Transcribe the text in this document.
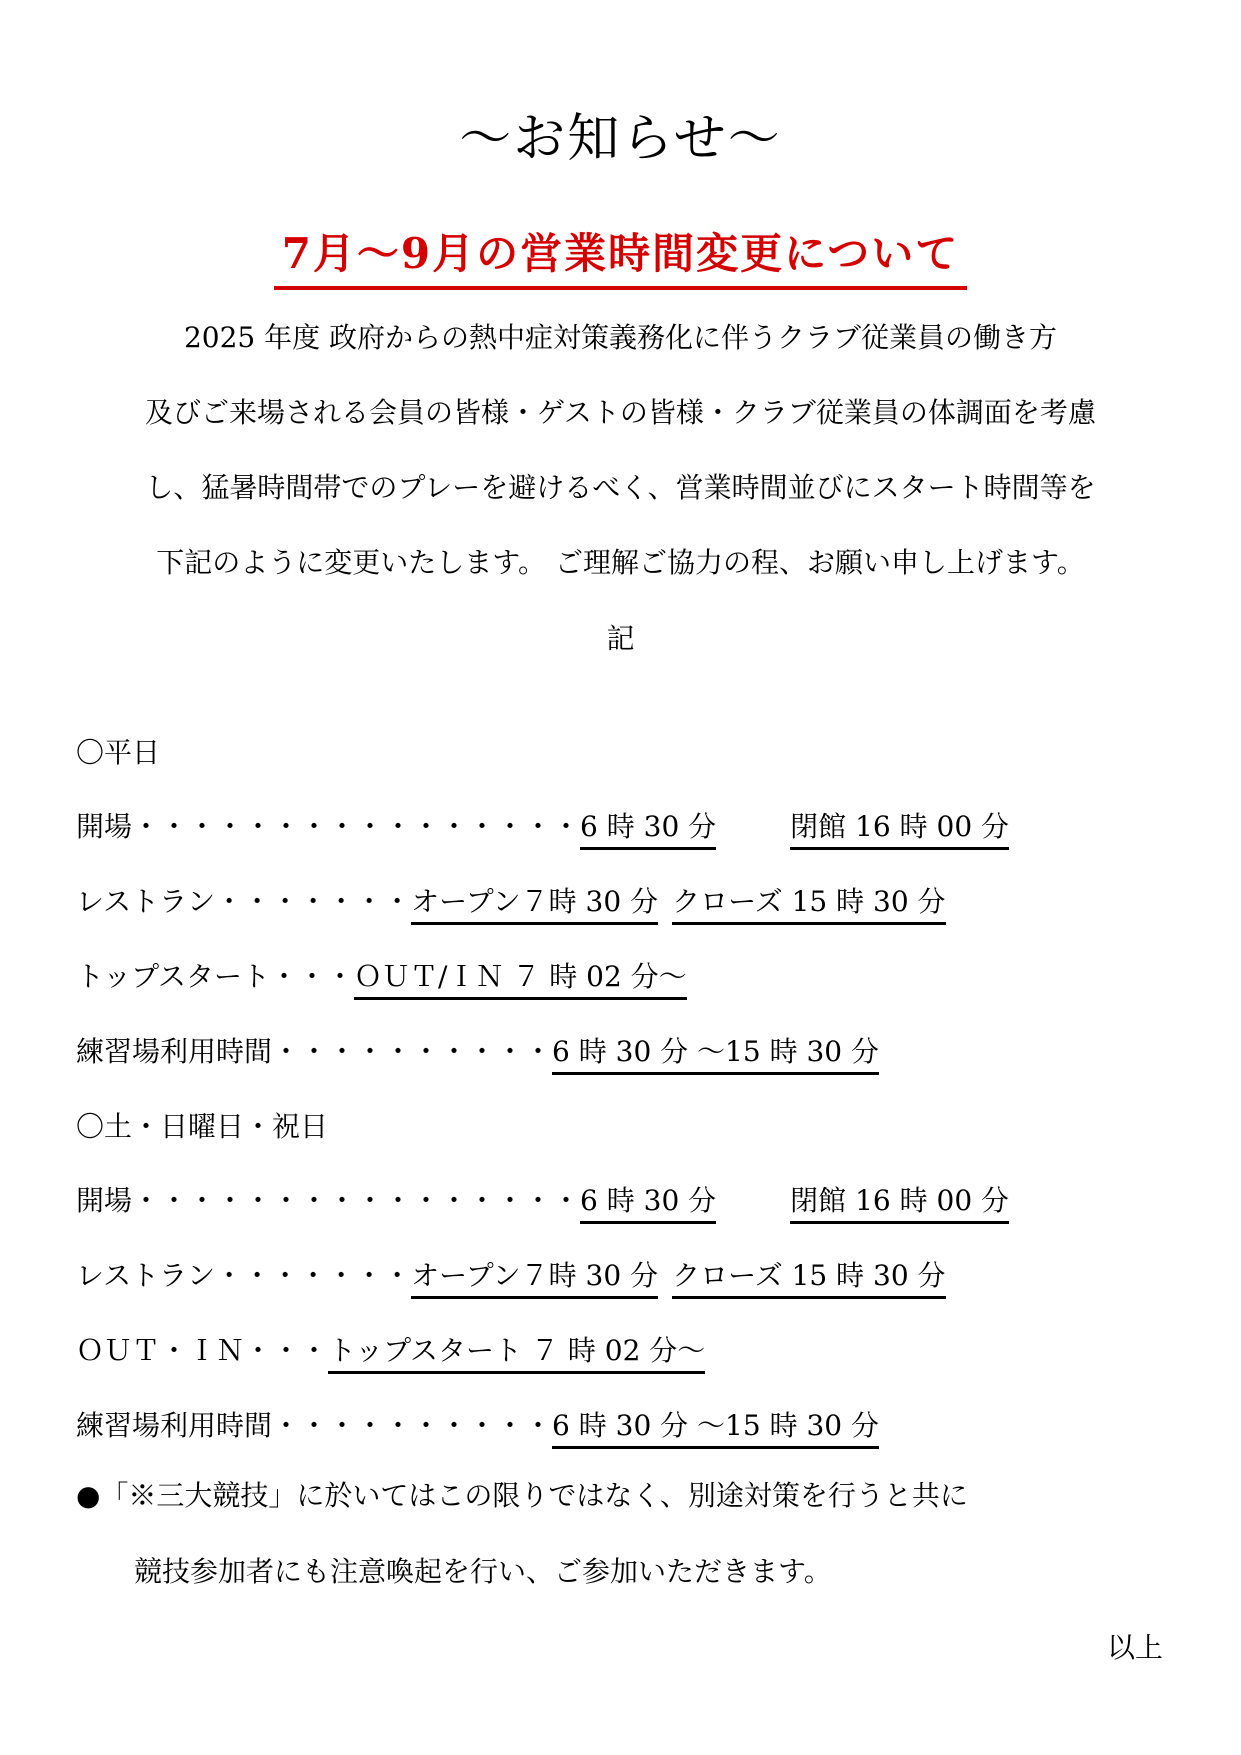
～お知らせ～
7月～9月の営業時間変更について
2025 年度 政府からの熱中症対策義務化に伴うクラブ従業員の働き方
及びご来場される会員の皆様・ゲストの皆様・クラブ従業員の体調面を考慮
し、猛暑時間帯でのプレーを避けるべく、営業時間並びにスタート時間等を
下記のように変更いたします。 ご理解ご協力の程、お願い申し上げます。
記
〇平日
開場・・・・・・・・・・・・・・・・6 時 30 分	閉館 16 時 00 分
レストラン・・・・・・・オープン７時 30 分 クローズ 15 時 30 分
トップスタート・・・ＯＵＴ/ＩＮ ７ 時 02 分～
練習場利用時間・・・・・・・・・・6 時 30 分 ～15 時 30 分
〇土・日曜日・祝日
開場・・・・・・・・・・・・・・・・6 時 30 分	閉館 16 時 00 分
レストラン・・・・・・・オープン７時 30 分 クローズ 15 時 30 分
ＯＵＴ・ＩＮ・・・トップスタート ７ 時 02 分～
練習場利用時間・・・・・・・・・・6 時 30 分 ～15 時 30 分
●「※三大競技」に於いてはこの限りではなく、別途対策を行うと共に
競技参加者にも注意喚起を行い、ご参加いただきます。
以上
